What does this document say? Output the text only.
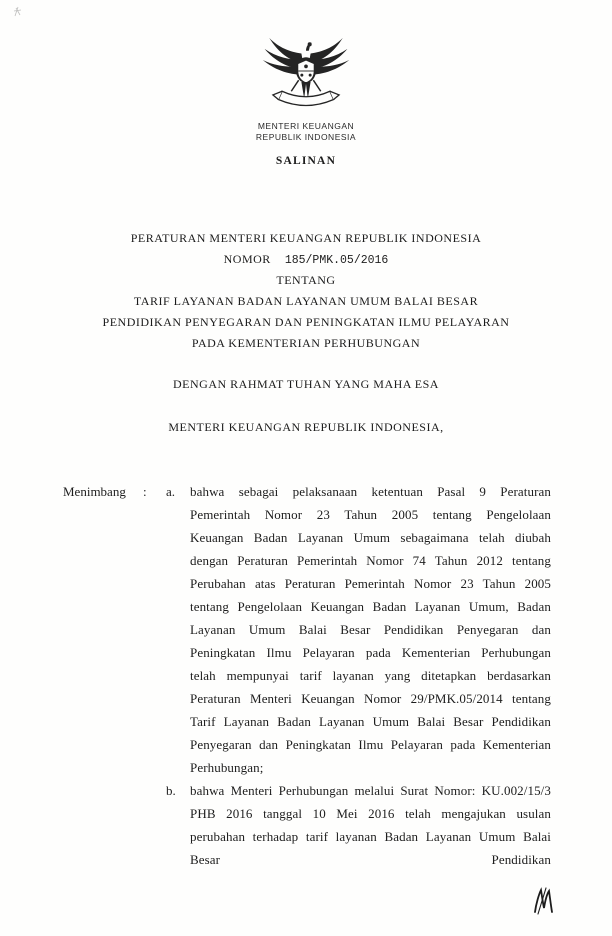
MENTERI KEUANGAN
REPUBLIK INDONESIA
SALINAN
PERATURAN MENTERI KEUANGAN REPUBLIK INDONESIA
NOMOR 185/PMK.05/2016
TENTANG
TARIF LAYANAN BADAN LAYANAN UMUM BALAI BESAR
PENDIDIKAN PENYEGARAN DAN PENINGKATAN ILMU PELAYARAN
PADA KEMENTERIAN PERHUBUNGAN
DENGAN RAHMAT TUHAN YANG MAHA ESA
MENTERI KEUANGAN REPUBLIK INDONESIA,
Menimbang	:	a.	bahwa sebagai pelaksanaan ketentuan Pasal 9 Peraturan Pemerintah Nomor 23 Tahun 2005 tentang Pengelolaan Keuangan Badan Layanan Umum sebagaimana telah diubah dengan Peraturan Pemerintah Nomor 74 Tahun 2012 tentang Perubahan atas Peraturan Pemerintah Nomor 23 Tahun 2005 tentang Pengelolaan Keuangan Badan Layanan Umum, Badan Layanan Umum Balai Besar Pendidikan Penyegaran dan Peningkatan Ilmu Pelayaran pada Kementerian Perhubungan telah mempunyai tarif layanan yang ditetapkan berdasarkan Peraturan Menteri Keuangan Nomor 29/PMK.05/2014 tentang Tarif Layanan Badan Layanan Umum Balai Besar Pendidikan Penyegaran dan Peningkatan Ilmu Pelayaran pada Kementerian Perhubungan;
b.	bahwa Menteri Perhubungan melalui Surat Nomor: KU.002/15/3 PHB 2016 tanggal 10 Mei 2016 telah mengajukan usulan perubahan terhadap tarif layanan Badan Layanan Umum Balai Besar Pendidikan
